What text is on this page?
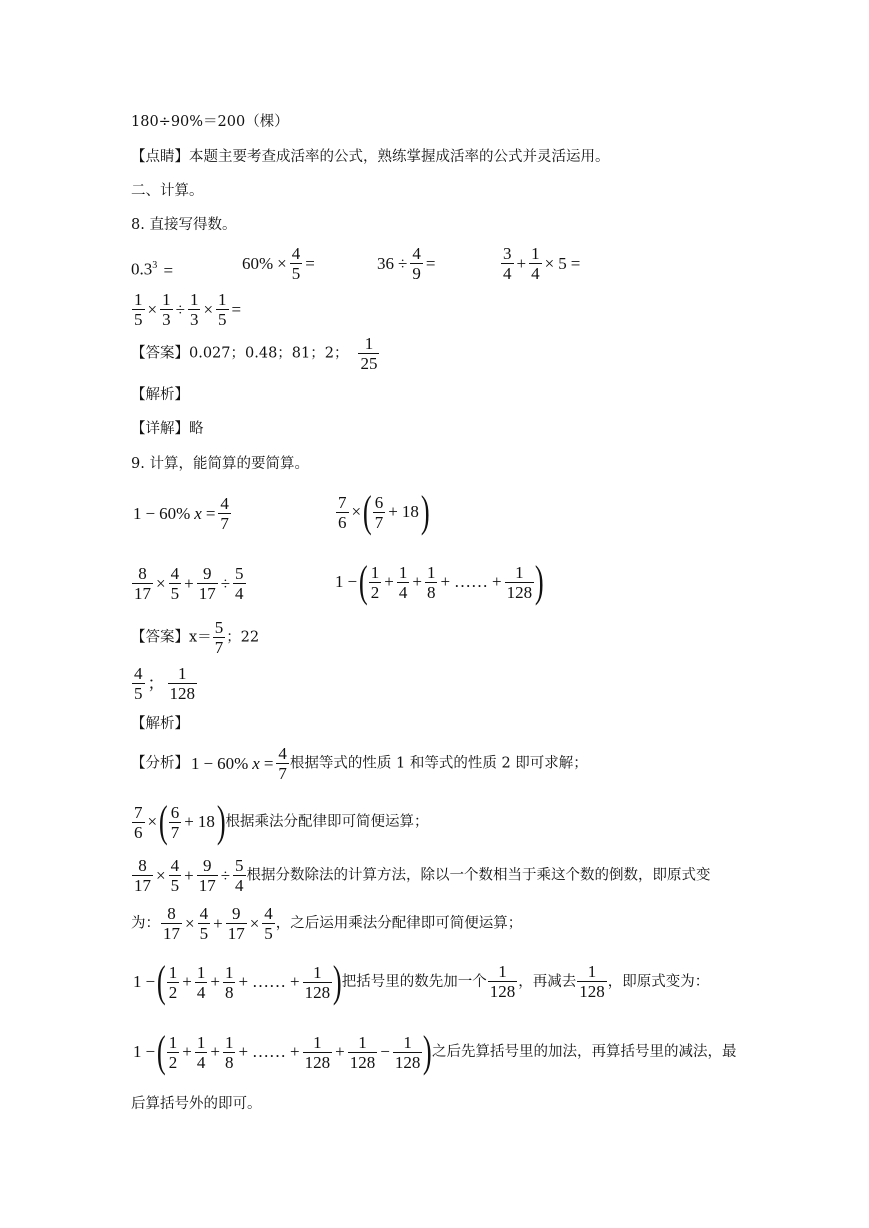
180÷90%＝200（棵）
【点睛】本题主要考查成活率的公式，熟练掌握成活率的公式并灵活运用。
二、计算。
8. 直接写得数。
$0.3^3$ =	$60\% \times \frac{4}{5}$ =	$36 \div \frac{4}{9}$ =	$\frac{3}{4} + \frac{1}{4} \times 5$ =
$\frac{1}{5} \times \frac{1}{3} \div \frac{1}{3} \times \frac{1}{5}$ =
【答案】0.027；0.48；81；2； $\frac{1}{25}$
【解析】
【详解】略
9. 计算，能简算的要简算。
1 − 60% $x = \frac{4}{7}$	$\frac{7}{6}$ ×( $\frac{6}{7} + 18$)
$\frac{8}{17} \times \frac{4}{5} + \frac{9}{17} \div \frac{5}{4}$	1 −( $\frac{1}{2} + \frac{1}{4} + \frac{1}{8}$ + …… + $\frac{1}{128}$ )
【答案】$x= \frac{5}{7}$ ；22
$\frac{4}{5}$ ； $\frac{1}{128}$
【解析】
【分析】 1 − 60% $x = \frac{4}{7}$ 根据等式的性质 1 和等式的性质 2 即可求解；
$\frac{7}{6}$ ×( $\frac{6}{7} + 18$)根据乘法分配律即可简便运算；
$\frac{8}{17} \times \frac{4}{5} + \frac{9}{17} \div \frac{5}{4}$ 根据分数除法的计算方法，除以一个数相当于乘这个数的倒数，即原式变
为： $\frac{8}{17} \times \frac{4}{5} + \frac{9}{17} \times \frac{4}{5}$ ，之后运用乘法分配律即可简便运算；
1 −( $\frac{1}{2} + \frac{1}{4} + \frac{1}{8}$ + …… + $\frac{1}{128}$ )把括号里的数先加一个 $\frac{1}{128}$ ，再减去 $\frac{1}{128}$ ，即原式变为：
1 −( $\frac{1}{2} + \frac{1}{4} + \frac{1}{8}$ + …… + $\frac{1}{128} + \frac{1}{128} - \frac{1}{128}$ )之后先算括号里的加法，再算括号里的减法，最
后算括号外的即可。
